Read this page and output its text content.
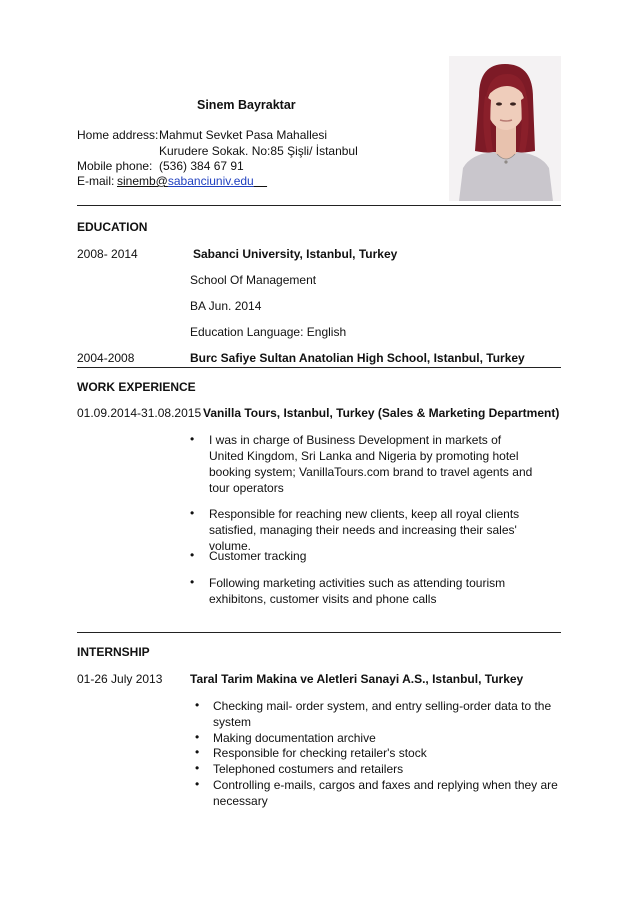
Sinem Bayraktar
Home address: Mahmut Sevket Pasa Mahallesi
Kurudere Sokak. No:85 Şişli/ İstanbul
Mobile phone: (536) 384 67 91
E-mail: sinemb@sabanciuniv.edu
EDUCATION
2008- 2014	Sabanci University, Istanbul, Turkey
School Of Management
BA Jun. 2014
Education Language: English
2004-2008	Burc Safiye Sultan Anatolian High School, Istanbul, Turkey
WORK EXPERIENCE
01.09.2014-31.08.2015 Vanilla Tours, Istanbul, Turkey (Sales & Marketing Department)
• I was in charge of Business Development in markets of United Kingdom, Sri Lanka and Nigeria by promoting hotel booking system; VanillaTours.com brand to travel agents and tour operators
• Responsible for reaching new clients, keep all royal clients satisfied, managing their needs and increasing their sales' volume.
• Customer tracking
• Following marketing activities such as attending tourism exhibitons, customer visits and phone calls
INTERNSHIP
01-26 July 2013 Taral Tarim Makina ve Aletleri Sanayi A.S., Istanbul, Turkey
• Checking mail- order system, and entry selling-order data to the system
• Making documentation archive
• Responsible for checking retailer's stock
• Telephoned costumers and retailers
• Controlling e-mails, cargos and faxes and replying when they are necessary
